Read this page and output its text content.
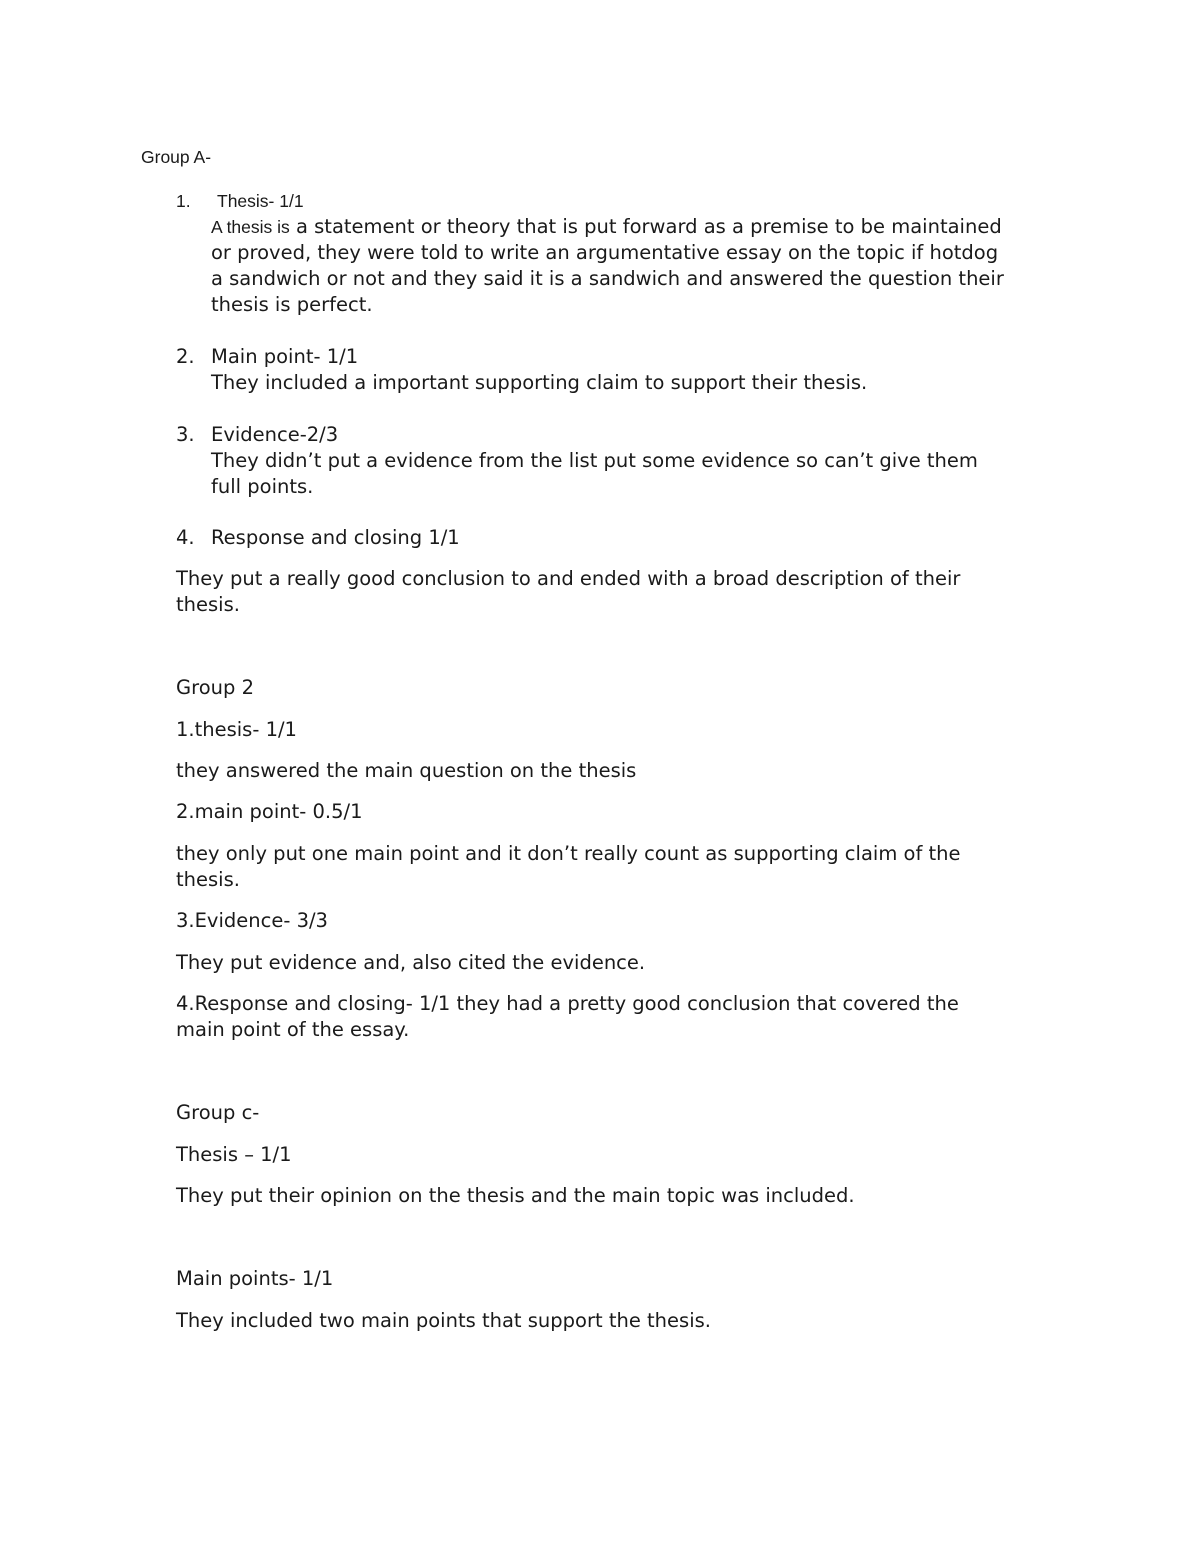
Group A-
1. Thesis- 1/1
A thesis is a statement or theory that is put forward as a premise to be maintained
or proved, they were told to write an argumentative essay on the topic if hotdog
a sandwich or not and they said it is a sandwich and answered the question their
thesis is perfect.
2. Main point- 1/1
They included a important supporting claim to support their thesis.
3. Evidence-2/3
They didn’t put a evidence from the list put some evidence so can’t give them
full points.
4. Response and closing 1/1
They put a really good conclusion to and ended with a broad description of their
thesis.
Group 2
1.thesis- 1/1
they answered the main question on the thesis
2.main point- 0.5/1
they only put one main point and it don’t really count as supporting claim of the
thesis.
3.Evidence- 3/3
They put evidence and, also cited the evidence.
4.Response and closing- 1/1 they had a pretty good conclusion that covered the
main point of the essay.
Group c-
Thesis – 1/1
They put their opinion on the thesis and the main topic was included.
Main points- 1/1
They included two main points that support the thesis.
